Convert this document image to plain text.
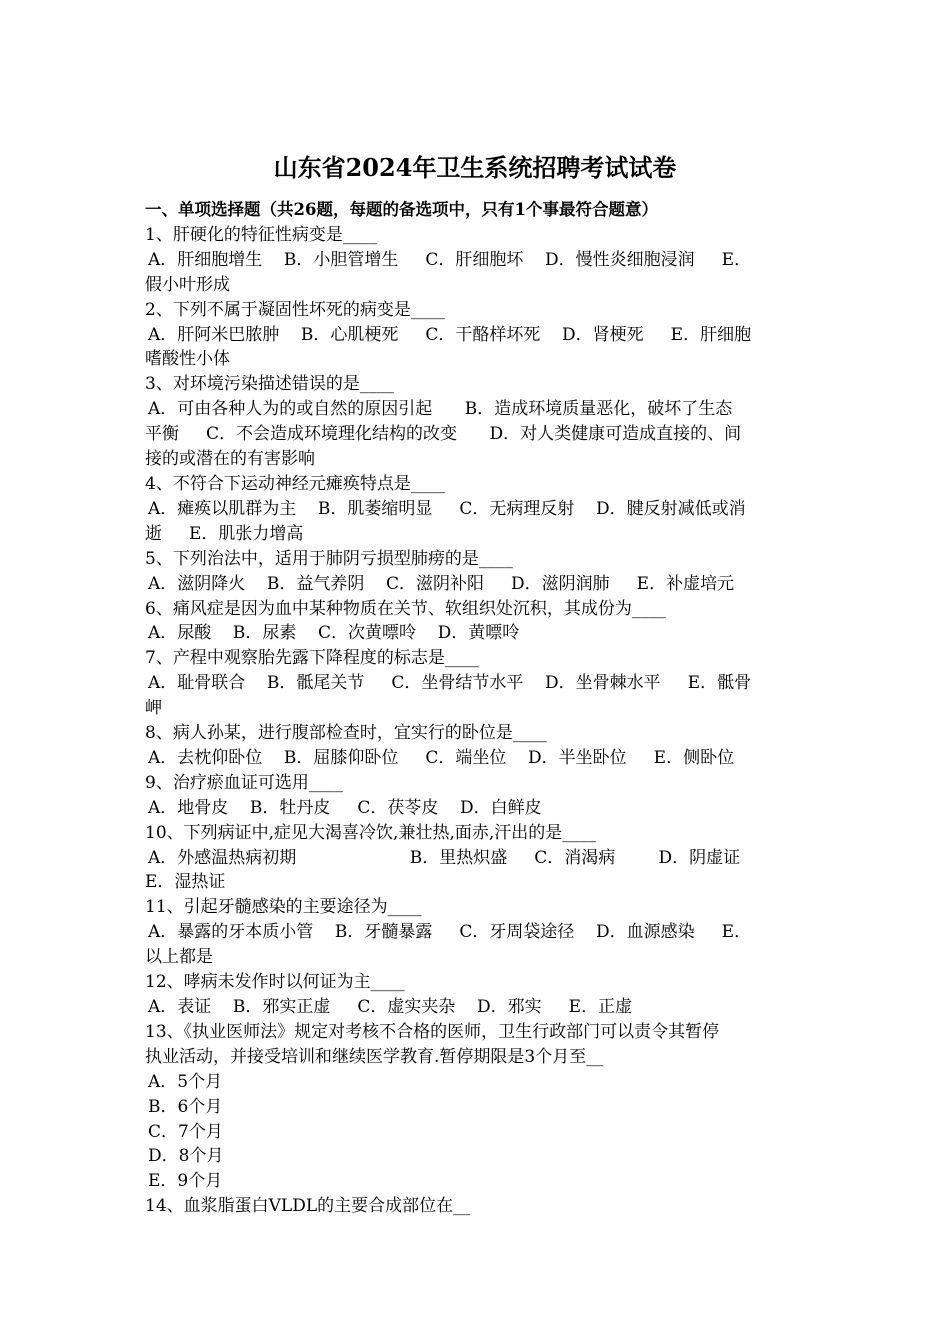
山东省2024年卫生系统招聘考试试卷
一、单项选择题（共26题，每题的备选项中，只有1个事最符合题意）
1、肝硬化的特征性病变是____
A．肝细胞增生    B．小胆管增生     C．肝细胞坏    D．慢性炎细胞浸润     E．
假小叶形成
2、下列不属于凝固性坏死的病变是____
A．肝阿米巴脓肿    B．心肌梗死     C．干酪样坏死    D．肾梗死     E．肝细胞
嗜酸性小体
3、对环境污染描述错误的是____
A．可由各种人为的或自然的原因引起      B．造成环境质量恶化，破坏了生态
平衡     C．不会造成环境理化结构的改变      D．对人类健康可造成直接的、间
接的或潜在的有害影响
4、不符合下运动神经元瘫痪特点是____
A．瘫痪以肌群为主    B．肌萎缩明显     C．无病理反射    D．腱反射减低或消
逝     E．肌张力增高
5、下列治法中，适用于肺阴亏损型肺痨的是____
A．滋阴降火    B．益气养阴    C．滋阴补阳     D．滋阴润肺     E．补虚培元
6、痛风症是因为血中某种物质在关节、软组织处沉积，其成份为____
A．尿酸    B．尿素    C．次黄嘌呤    D．黄嘌呤
7、产程中观察胎先露下降程度的标志是____
A．耻骨联合    B．骶尾关节     C．坐骨结节水平    D．坐骨棘水平     E．骶骨
岬
8、病人孙某，进行腹部检查时，宜实行的卧位是____
A．去枕仰卧位    B．屈膝仰卧位     C．端坐位    D．半坐卧位     E．侧卧位
9、治疗瘀血证可选用____
A．地骨皮    B．牡丹皮     C．茯苓皮    D．白鲜皮
10、下列病证中,症见大渴喜冷饮,兼壮热,面赤,汗出的是____
A．外感温热病初期                     B．里热炽盛     C．消渴病        D．阴虚证
E．湿热证
11、引起牙髓感染的主要途径为____
A．暴露的牙本质小管    B．牙髓暴露     C．牙周袋途径    D．血源感染     E．
以上都是
12、哮病未发作时以何证为主____
A．表证    B．邪实正虚     C．虚实夹杂    D．邪实     E．正虚
13、《执业医师法》规定对考核不合格的医师，卫生行政部门可以责令其暂停
执业活动，并接受培训和继续医学教育.暂停期限是3个月至__
A．5个月
B．6个月
C．7个月
D．8个月
E．9个月
14、血浆脂蛋白VLDL的主要合成部位在__
